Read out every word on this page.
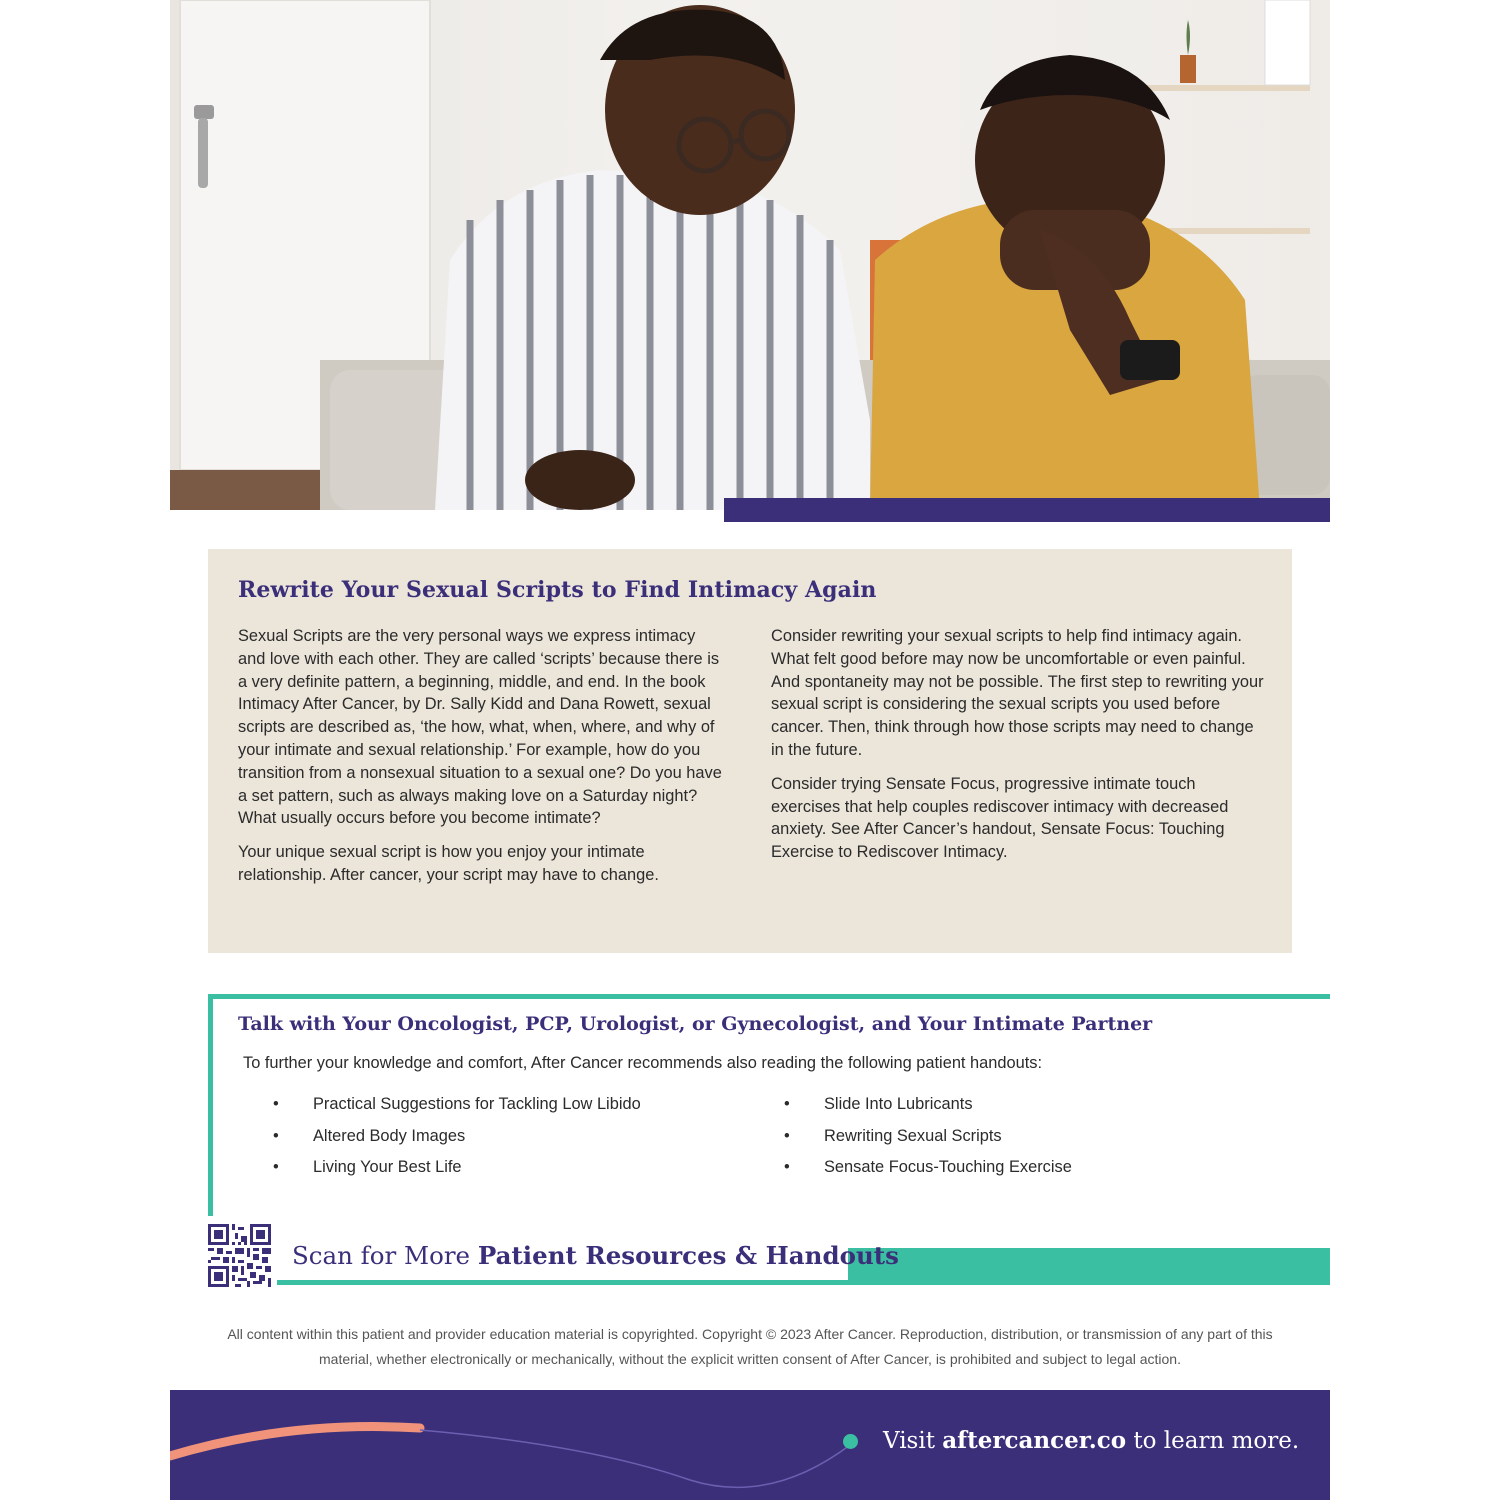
Rewrite Your Sexual Scripts to Find Intimacy Again

Sexual Scripts are the very personal ways we express intimacy and love with each other. They are called ‘scripts’ because there is a very definite pattern, a beginning, middle, and end. In the book Intimacy After Cancer, by Dr. Sally Kidd and Dana Rowett, sexual scripts are described as, ‘the how, what, when, where, and why of your intimate and sexual relationship.’ For example, how do you transition from a nonsexual situation to a sexual one? Do you have a set pattern, such as always making love on a Saturday night? What usually occurs before you become intimate?

Your unique sexual script is how you enjoy your intimate relationship. After cancer, your script may have to change.

Consider rewriting your sexual scripts to help find intimacy again. What felt good before may now be uncomfortable or even painful. And spontaneity may not be possible. The first step to rewriting your sexual script is considering the sexual scripts you used before cancer. Then, think through how those scripts may need to change in the future.

Consider trying Sensate Focus, progressive intimate touch exercises that help couples rediscover intimacy with decreased anxiety. See After Cancer’s handout, Sensate Focus: Touching Exercise to Rediscover Intimacy.

Talk with Your Oncologist, PCP, Urologist, or Gynecologist, and Your Intimate Partner
To further your knowledge and comfort, After Cancer recommends also reading the following patient handouts:
• Practical Suggestions for Tackling Low Libido
• Altered Body Images
• Living Your Best Life
• Slide Into Lubricants
• Rewriting Sexual Scripts
• Sensate Focus-Touching Exercise
Scan for More Patient Resources & Handouts
All content within this patient and provider education material is copyrighted. Copyright © 2023 After Cancer. Reproduction, distribution, or transmission of any part of this material, whether electronically or mechanically, without the explicit written consent of After Cancer, is prohibited and subject to legal action.
Visit aftercancer.co to learn more.
